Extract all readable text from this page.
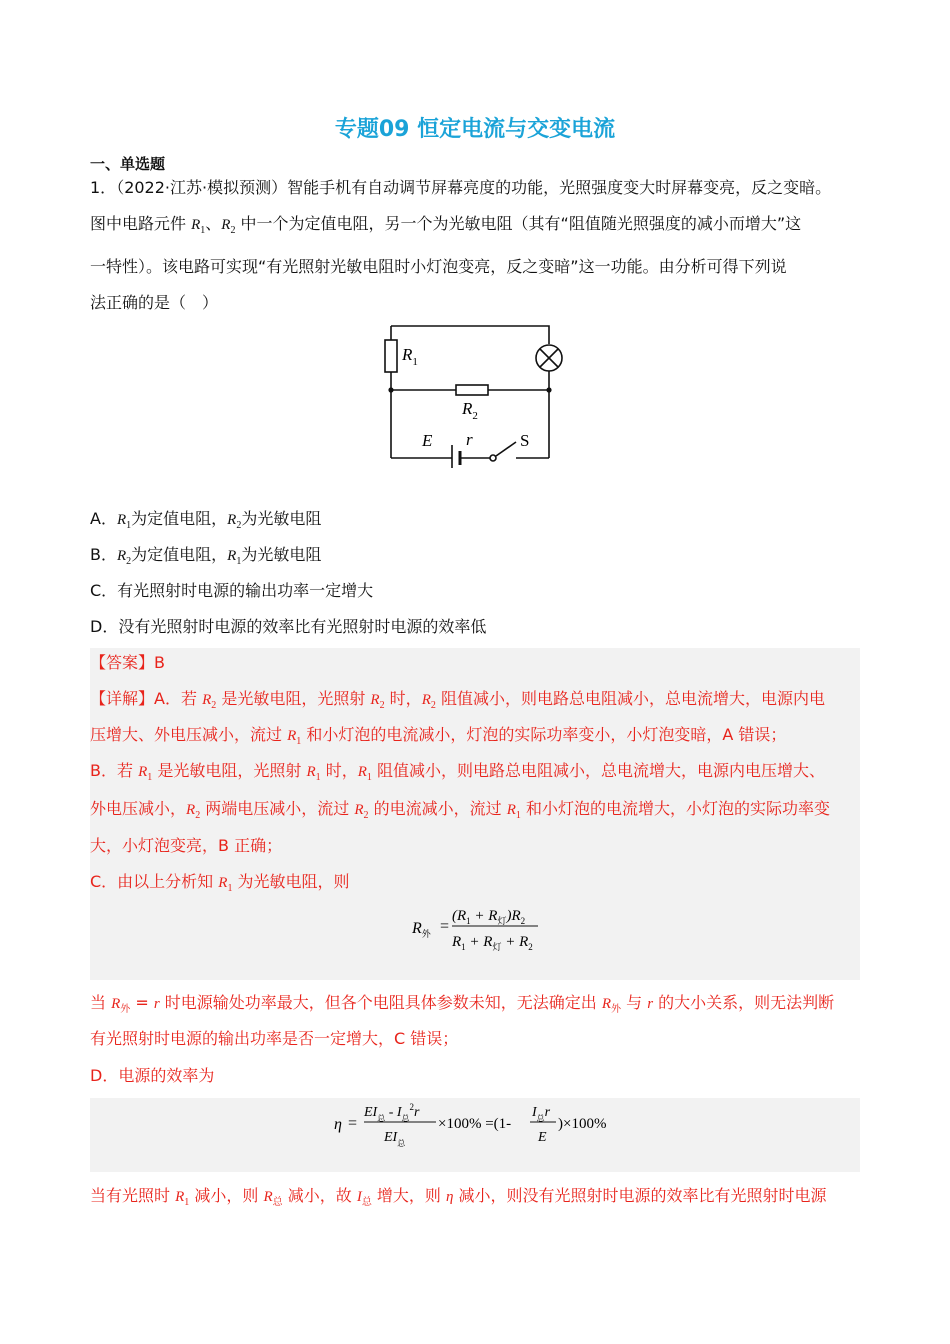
专题09 恒定电流与交变电流
一、单选题
1．（2022·江苏·模拟预测）智能手机有自动调节屏幕亮度的功能，光照强度变大时屏幕变亮，反之变暗。
图中电路元件 $R_1$、$R_2$ 中一个为定值电阻，另一个为光敏电阻（其有“阻值随光照强度的减小而增大”这
一特性）。该电路可实现“有光照射光敏电阻时小灯泡变亮，反之变暗”这一功能。由分析可得下列说
法正确的是（　）
$R_1$
$R_2$
E r	S
A．$R_1$为定值电阻，$R_2$为光敏电阻
B．$R_2$为定值电阻，$R_1$为光敏电阻
C．有光照射时电源的输出功率一定增大
D．没有光照射时电源的效率比有光照射时电源的效率低
【答案】B
【详解】A．若 $R_2$ 是光敏电阻，光照射 $R_2$ 时，$R_2$ 阻值减小，则电路总电阻减小，总电流增大，电源内电
压增大、外电压减小，流过 $R_1$ 和小灯泡的电流减小，灯泡的实际功率变小，小灯泡变暗，A 错误；
B．若 $R_1$ 是光敏电阻，光照射 $R_1$ 时，$R_1$ 阻值减小，则电路总电阻减小，总电流增大，电源内电压增大、
外电压减小，$R_2$ 两端电压减小，流过 $R_2$ 的电流减小，流过 $R_1$ 和小灯泡的电流增大，小灯泡的实际功率变
大，小灯泡变亮，B 正确；
C．由以上分析知 $R_1$ 为光敏电阻，则
$R_外$ =
$(R_1 + R_灯)R_2$
$R_1 + R_灯 + R_2$
当 $R_外 = r$ 时电源输处功率最大，但各个电阻具体参数未知，无法确定出 $R_外$ 与 r 的大小关系，则无法判断
有光照射时电源的输出功率是否一定增大，C 错误；
D．电源的效率为
η =
$EI_总 - I_总^2r$
$EI_总$
×100% =(1-
$I_总r$
E
)×100%
当有光照时 $R_1$ 减小，则 $R_总$ 减小，故 $I_总$ 增大，则 η 减小，则没有光照射时电源的效率比有光照射时电源
